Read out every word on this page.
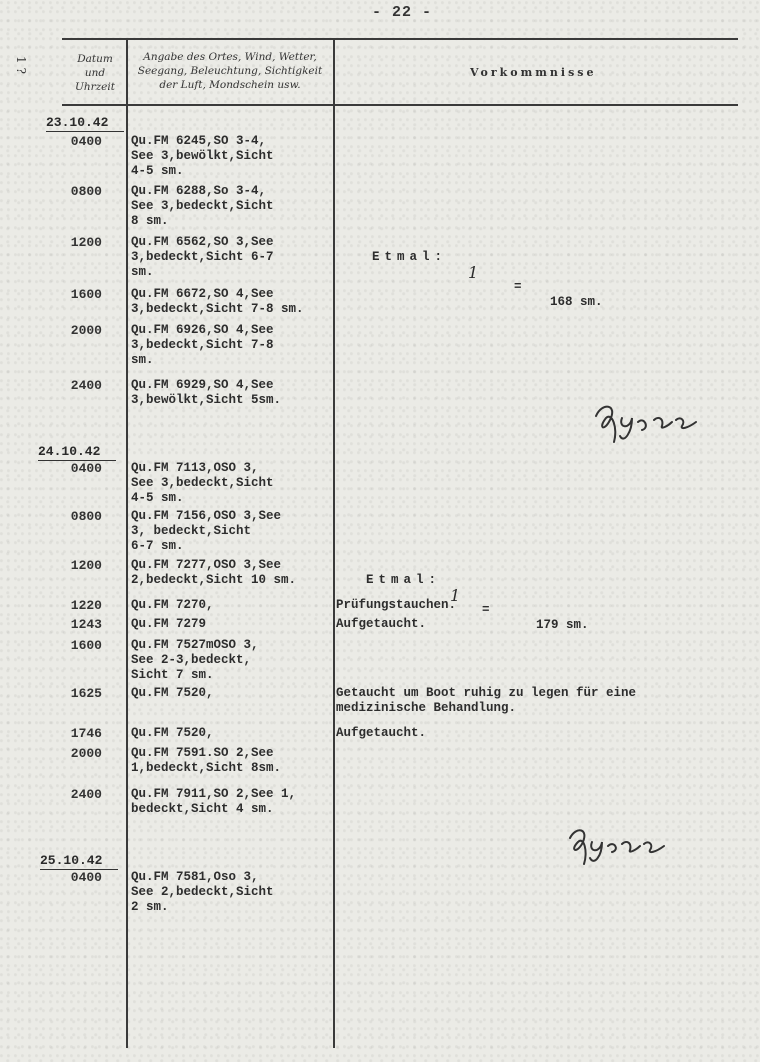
- 22 -
1 ?	Datum
und
Uhrzeit
Angabe des Ortes, Wind, Wetter,
Seegang, Beleuchtung, Sichtigkeit
der Luft, Mondschein usw.
Vorkommnisse
23.10.42
0400 Qu.FM 6245,SO 3-4,
See 3,bewölkt,Sicht
4-5 sm.
0800 Qu.FM 6288,So 3-4,
See 3,bedeckt,Sicht
8 sm.
1200 Qu.FM 6562,SO 3,See
3,bedeckt,Sicht 6-7
sm.

Etmal:

1

=

168 sm.

1600 Qu.FM 6672,SO 4,See
3,bedeckt,Sicht 7-8 sm.
2000 Qu.FM 6926,SO 4,See
3,bedeckt,Sicht 7-8
sm.
2400 Qu.FM 6929,SO 4,See
3,bewölkt,Sicht 5sm.
24.10.42
0400 Qu.FM 7113,OSO 3,
See 3,bedeckt,Sicht
4-5 sm.
0800 Qu.FM 7156,OSO 3,See
3, bedeckt,Sicht
6-7 sm.
1200 Qu.FM 7277,OSO 3,See
2,bedeckt,Sicht 10 sm.	Etmal:

1

=

179 sm.

1220 Qu.FM 7270,	Prüfungstauchen.
1243 Qu.FM 7279	Aufgetaucht.
1600 Qu.FM 7527mOSO 3,
See 2-3,bedeckt,
Sicht 7 sm.
1625 Qu.FM 7520,	Getaucht um Boot ruhig zu legen für eine
medizinische Behandlung.
1746 Qu.FM 7520,	Aufgetaucht.
2000 Qu.FM 7591.SO 2,See
1,bedeckt,Sicht 8sm.
2400 Qu.FM 7911,SO 2,See 1,
bedeckt,Sicht 4 sm.
25.10.42
0400 Qu.FM 7581,Oso 3,
See 2,bedeckt,Sicht
2 sm.
